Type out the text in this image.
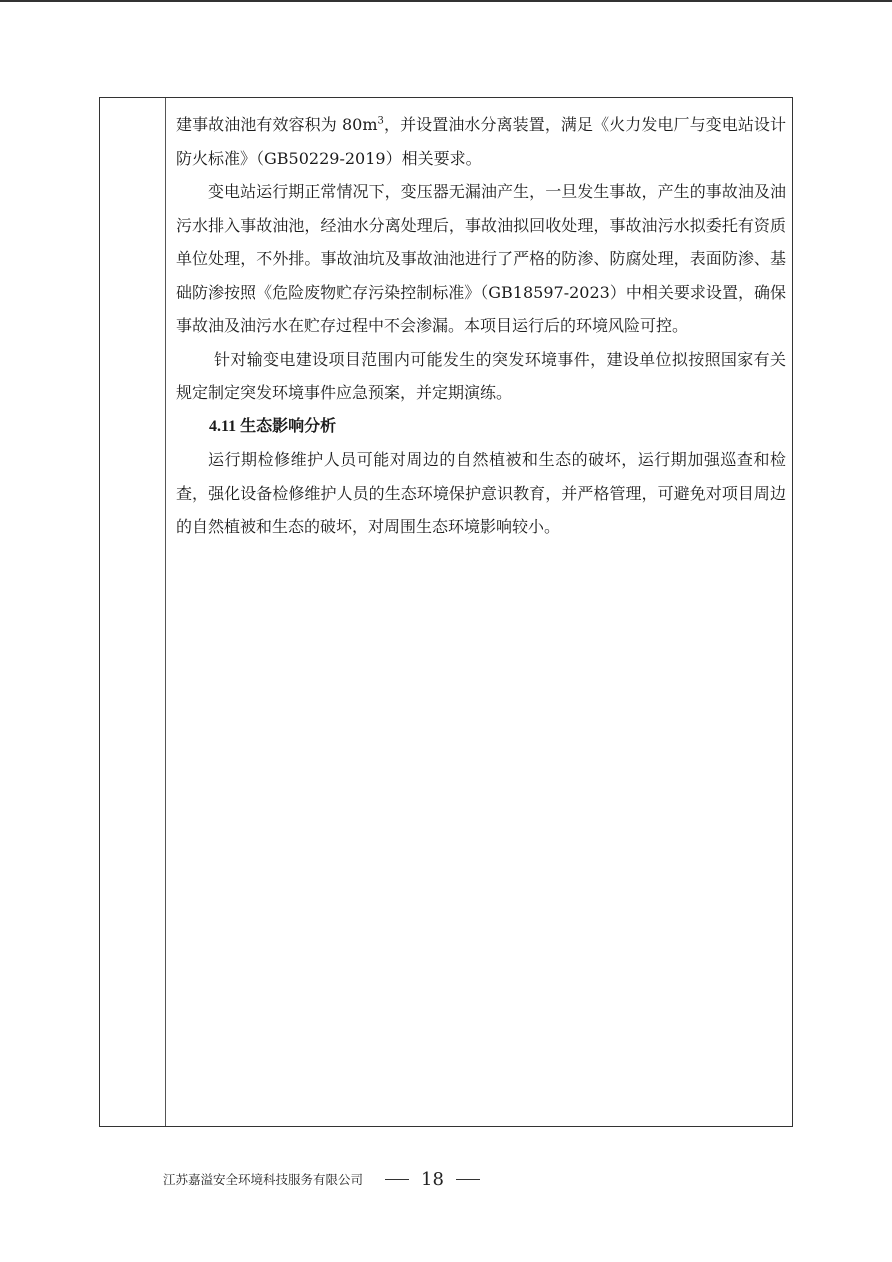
建事故油池有效容积为 $80m^3$，并设置油水分离装置，满足《火力发电厂与变电站设计防火标准》（GB50229-2019）相关要求。

变电站运行期正常情况下，变压器无漏油产生，一旦发生事故，产生的事故油及油污水排入事故油池，经油水分离处理后，事故油拟回收处理，事故油污水拟委托有资质单位处理，不外排。事故油坑及事故油池进行了严格的防渗、防腐处理，表面防渗、基础防渗按照《危险废物贮存污染控制标准》（GB18597-2023）中相关要求设置，确保事故油及油污水在贮存过程中不会渗漏。本项目运行后的环境风险可控。

针对输变电建设项目范围内可能发生的突发环境事件，建设单位拟按照国家有关规定制定突发环境事件应急预案，并定期演练。

4.11 生态影响分析

运行期检修维护人员可能对周边的自然植被和生态的破坏，运行期加强巡查和检查，强化设备检修维护人员的生态环境保护意识教育，并严格管理，可避免对项目周边的自然植被和生态的破坏，对周围生态环境影响较小。

江苏嘉溢安全环境科技服务有限公司	18
